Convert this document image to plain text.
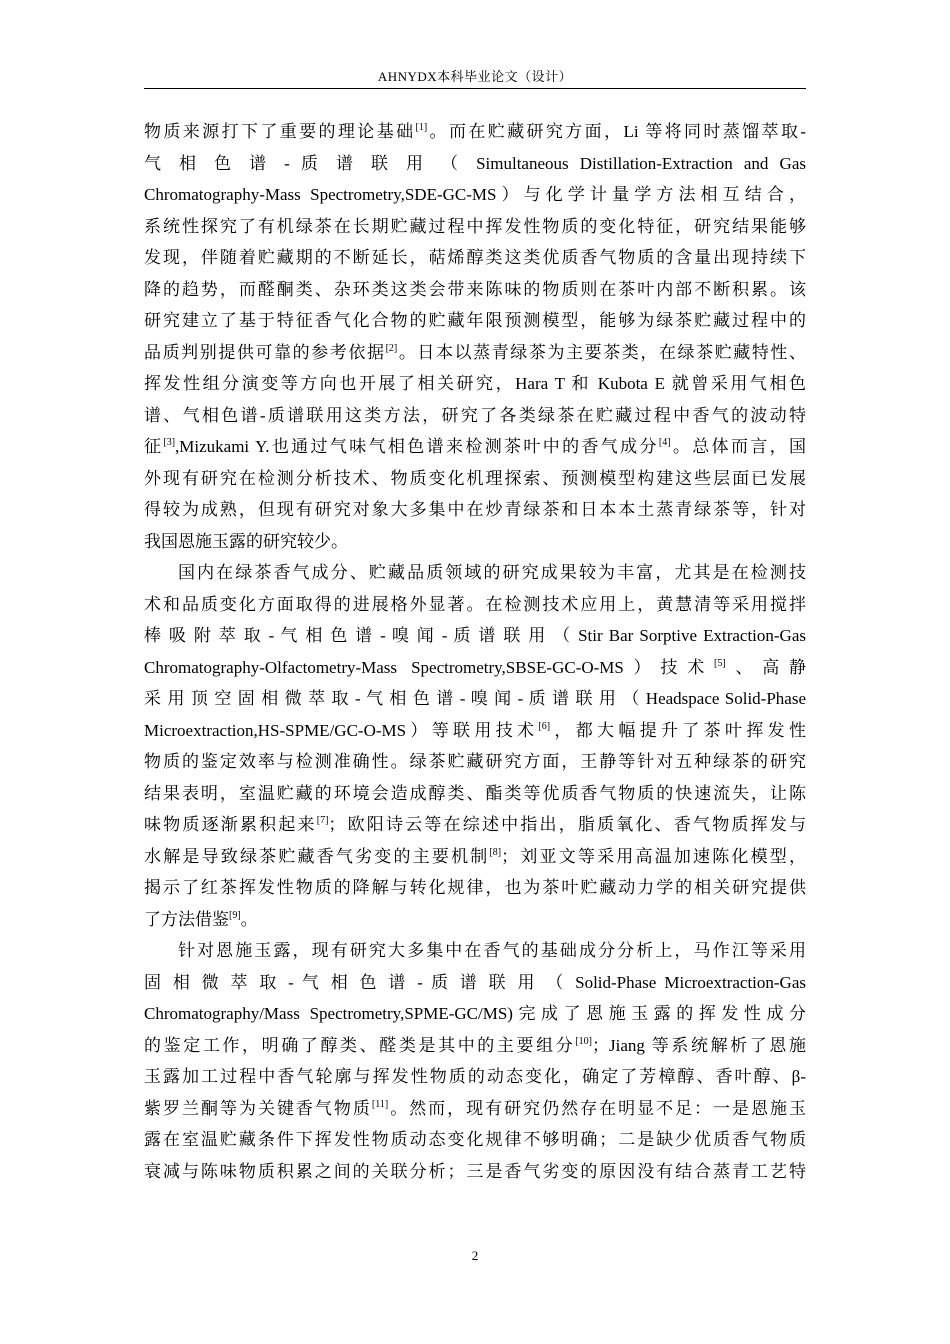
AHNYDX本科毕业论文（设计）
物质来源打下了重要的理论基础[1]。而在贮藏研究方面，Li 等将同时蒸馏萃取-
气 相 色 谱 - 质 谱 联 用 （ Simultaneous Distillation-Extraction and Gas
Chromatography-Mass Spectrometry,SDE-GC-MS）与化学计量学方法相互结合，
系统性探究了有机绿茶在长期贮藏过程中挥发性物质的变化特征，研究结果能够
发现，伴随着贮藏期的不断延长，萜烯醇类这类优质香气物质的含量出现持续下
降的趋势，而醛酮类、杂环类这类会带来陈味的物质则在茶叶内部不断积累。该
研究建立了基于特征香气化合物的贮藏年限预测模型，能够为绿茶贮藏过程中的
品质判别提供可靠的参考依据[2]。日本以蒸青绿茶为主要茶类，在绿茶贮藏特性、
挥发性组分演变等方向也开展了相关研究，Hara T 和 Kubota E 就曾采用气相色
谱、气相色谱-质谱联用这类方法，研究了各类绿茶在贮藏过程中香气的波动特
征[3],Mizukami Y.也通过气味气相色谱来检测茶叶中的香气成分[4]。总体而言，国
外现有研究在检测分析技术、物质变化机理探索、预测模型构建这些层面已发展
得较为成熟，但现有研究对象大多集中在炒青绿茶和日本本土蒸青绿茶等，针对
我国恩施玉露的研究较少。
国内在绿茶香气成分、贮藏品质领域的研究成果较为丰富，尤其是在检测技
术和品质变化方面取得的进展格外显著。在检测技术应用上，黄慧清等采用搅拌
棒 吸 附 萃 取 - 气 相 色 谱 - 嗅 闻 - 质 谱 联 用 （ Stir Bar Sorptive Extraction-Gas
Chromatography-Olfactometry-Mass Spectrometry,SBSE-GC-O-MS）技术[5]、高静
采 用 顶 空 固 相 微 萃 取 - 气 相 色 谱 - 嗅 闻 - 质 谱 联 用 （ Headspace Solid-Phase
Microextraction,HS-SPME/GC-O-MS）等联用技术[6]，都大幅提升了茶叶挥发性
物质的鉴定效率与检测准确性。绿茶贮藏研究方面，王静等针对五种绿茶的研究
结果表明，室温贮藏的环境会造成醇类、酯类等优质香气物质的快速流失，让陈
味物质逐渐累积起来[7]；欧阳诗云等在综述中指出，脂质氧化、香气物质挥发与
水解是导致绿茶贮藏香气劣变的主要机制[8]；刘亚文等采用高温加速陈化模型，
揭示了红茶挥发性物质的降解与转化规律，也为茶叶贮藏动力学的相关研究提供
了方法借鉴[9]。
针对恩施玉露，现有研究大多集中在香气的基础成分分析上，马作江等采用
固 相 微 萃 取 - 气 相 色 谱 - 质 谱 联 用 （ Solid-Phase Microextraction-Gas
Chromatography/Mass Spectrometry,SPME-GC/MS)完成了恩施玉露的挥发性成分
的鉴定工作，明确了醇类、醛类是其中的主要组分[10]；Jiang 等系统解析了恩施
玉露加工过程中香气轮廓与挥发性物质的动态变化，确定了芳樟醇、香叶醇、β-
紫罗兰酮等为关键香气物质[11]。然而，现有研究仍然存在明显不足：一是恩施玉
露在室温贮藏条件下挥发性物质动态变化规律不够明确；二是缺少优质香气物质
衰减与陈味物质积累之间的关联分析；三是香气劣变的原因没有结合蒸青工艺特
2
